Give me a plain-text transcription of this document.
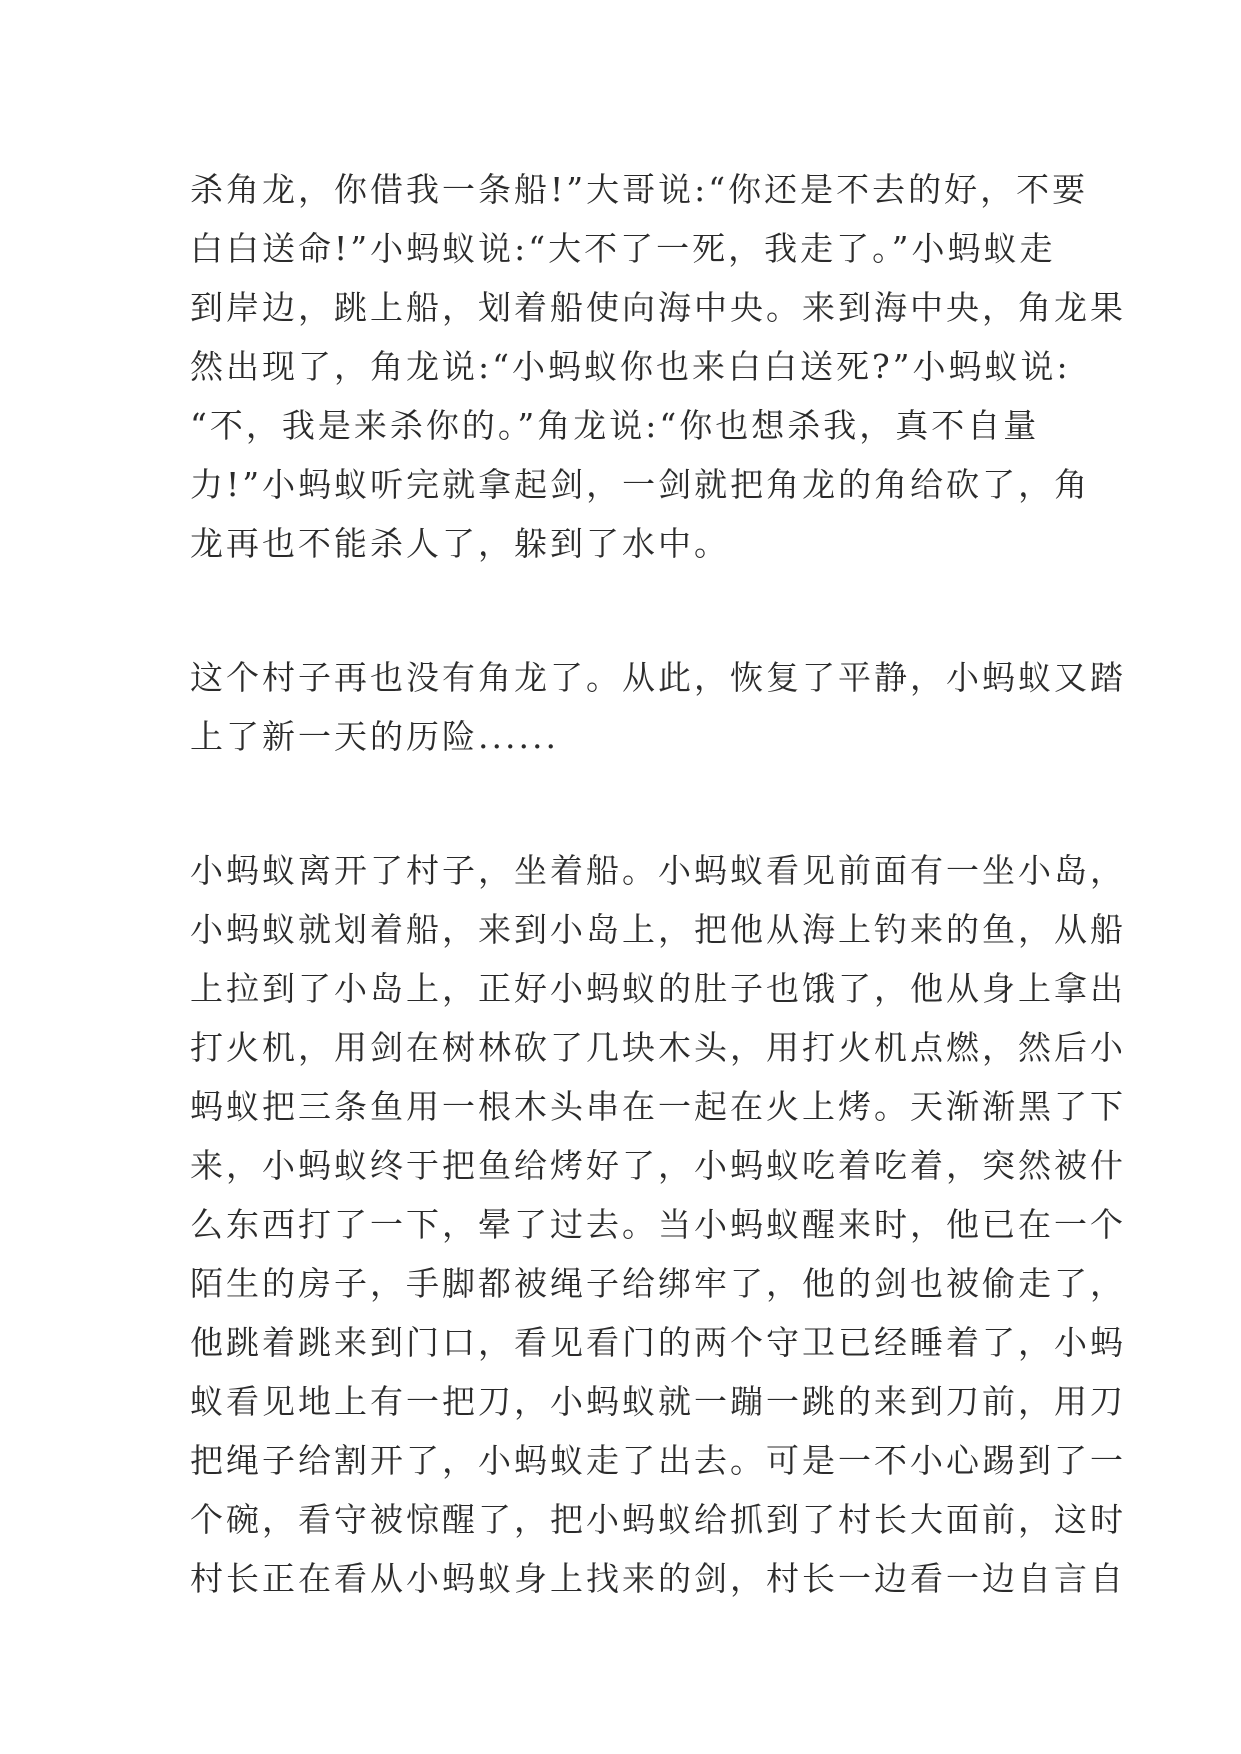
杀角龙，你借我一条船!”大哥说:“你还是不去的好，不要
白白送命!”小蚂蚁说:“大不了一死，我走了。”小蚂蚁走
到岸边，跳上船，划着船使向海中央。来到海中央，角龙果
然出现了，角龙说:“小蚂蚁你也来白白送死?”小蚂蚁说:
“不，我是来杀你的。”角龙说:“你也想杀我，真不自量
力!”小蚂蚁听完就拿起剑，一剑就把角龙的角给砍了，角
龙再也不能杀人了，躲到了水中。
这个村子再也没有角龙了。从此，恢复了平静，小蚂蚁又踏
上了新一天的历险......
小蚂蚁离开了村子，坐着船。小蚂蚁看见前面有一坐小岛，
小蚂蚁就划着船，来到小岛上，把他从海上钓来的鱼，从船
上拉到了小岛上，正好小蚂蚁的肚子也饿了，他从身上拿出
打火机，用剑在树林砍了几块木头，用打火机点燃，然后小
蚂蚁把三条鱼用一根木头串在一起在火上烤。天渐渐黑了下
来，小蚂蚁终于把鱼给烤好了，小蚂蚁吃着吃着，突然被什
么东西打了一下，晕了过去。当小蚂蚁醒来时，他已在一个
陌生的房子，手脚都被绳子给绑牢了，他的剑也被偷走了，
他跳着跳来到门口，看见看门的两个守卫已经睡着了，小蚂
蚁看见地上有一把刀，小蚂蚁就一蹦一跳的来到刀前，用刀
把绳子给割开了，小蚂蚁走了出去。可是一不小心踢到了一
个碗，看守被惊醒了，把小蚂蚁给抓到了村长大面前，这时
村长正在看从小蚂蚁身上找来的剑，村长一边看一边自言自
